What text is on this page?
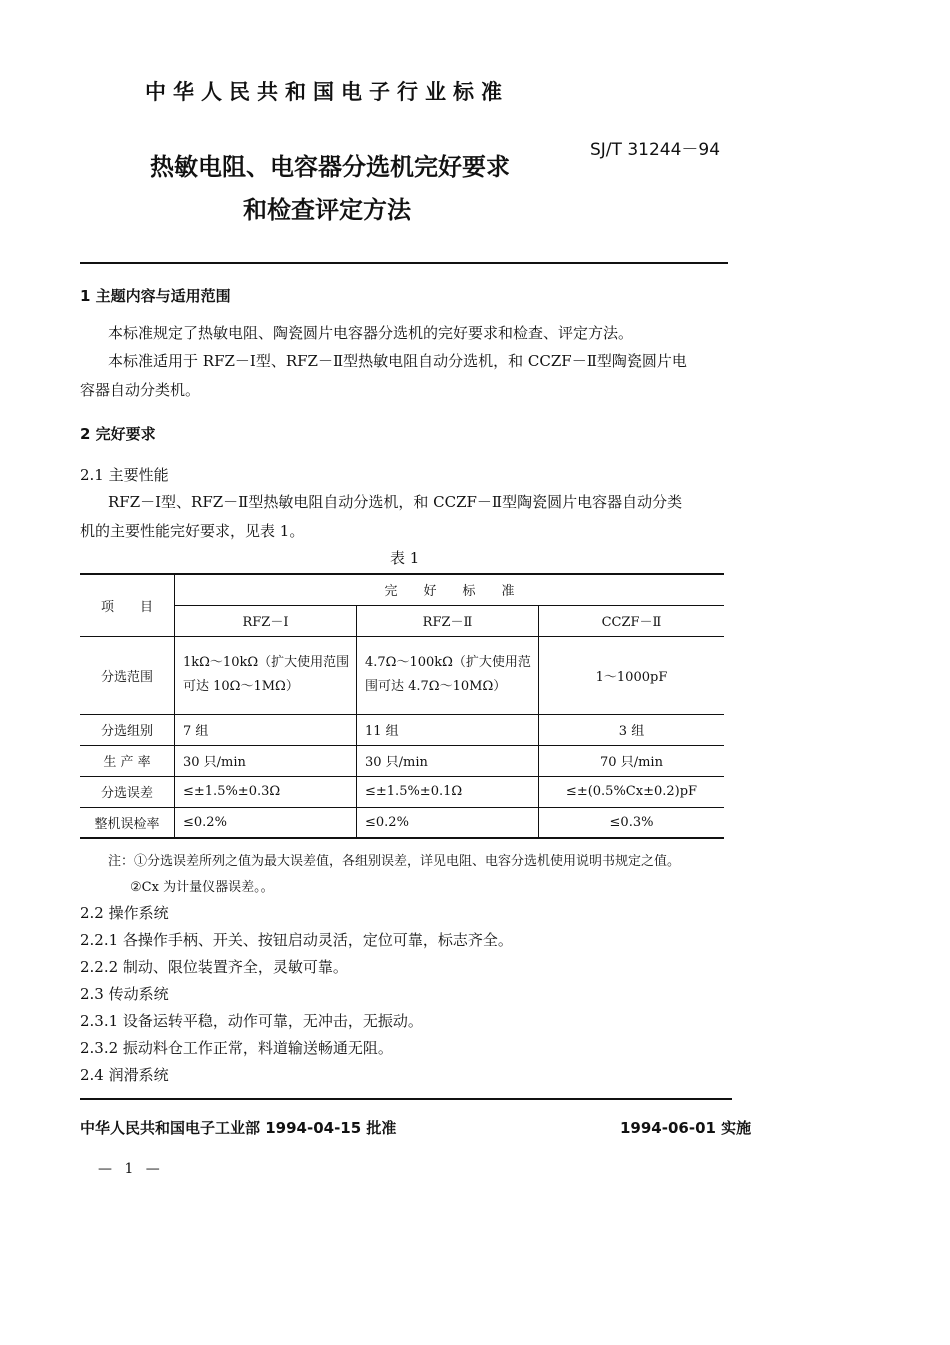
中华人民共和国电子行业标准
SJ/T 31244－94
热敏电阻、电容器分选机完好要求
和检查评定方法
1 主题内容与适用范围
本标准规定了热敏电阻、陶瓷圆片电容器分选机的完好要求和检查、评定方法。
本标准适用于 RFZ－Ⅰ型、RFZ－Ⅱ型热敏电阻自动分选机，和 CCZF－Ⅱ型陶瓷圆片电
容器自动分类机。
2 完好要求
2.1 主要性能
RFZ－Ⅰ型、RFZ－Ⅱ型热敏电阻自动分选机，和 CCZF－Ⅱ型陶瓷圆片电容器自动分类
机的主要性能完好要求，见表 1。
表 1
项　　目	完　　好　　标　　准		
	RFZ－Ⅰ	RFZ－Ⅱ	CCZF－Ⅱ
分选范围	1kΩ～10kΩ（扩大使用范围可达 10Ω～1MΩ）	4.7Ω～100kΩ（扩大使用范围可达 4.7Ω～10MΩ）	1～1000pF
分选组别	7 组	11 组	3 组
生 产 率	30 只/min	30 只/min	70 只/min
分选误差	≤±1.5%±0.3Ω	≤±1.5%±0.1Ω	≤±(0.5%Cx±0.2)pF
整机误检率	≤0.2%	≤0.2%	≤0.3%
注：①分选误差所列之值为最大误差值，各组别误差，详见电阻、电容分选机使用说明书规定之值。
②Cx 为计量仪器误差。。
2.2 操作系统
2.2.1 各操作手柄、开关、按钮启动灵活，定位可靠，标志齐全。
2.2.2 制动、限位装置齐全，灵敏可靠。
2.3 传动系统
2.3.1 设备运转平稳，动作可靠，无冲击，无振动。
2.3.2 振动料仓工作正常，料道输送畅通无阻。
2.4 润滑系统
中华人民共和国电子工业部 1994-04-15 批准	1994-06-01 实施
— 1 —
